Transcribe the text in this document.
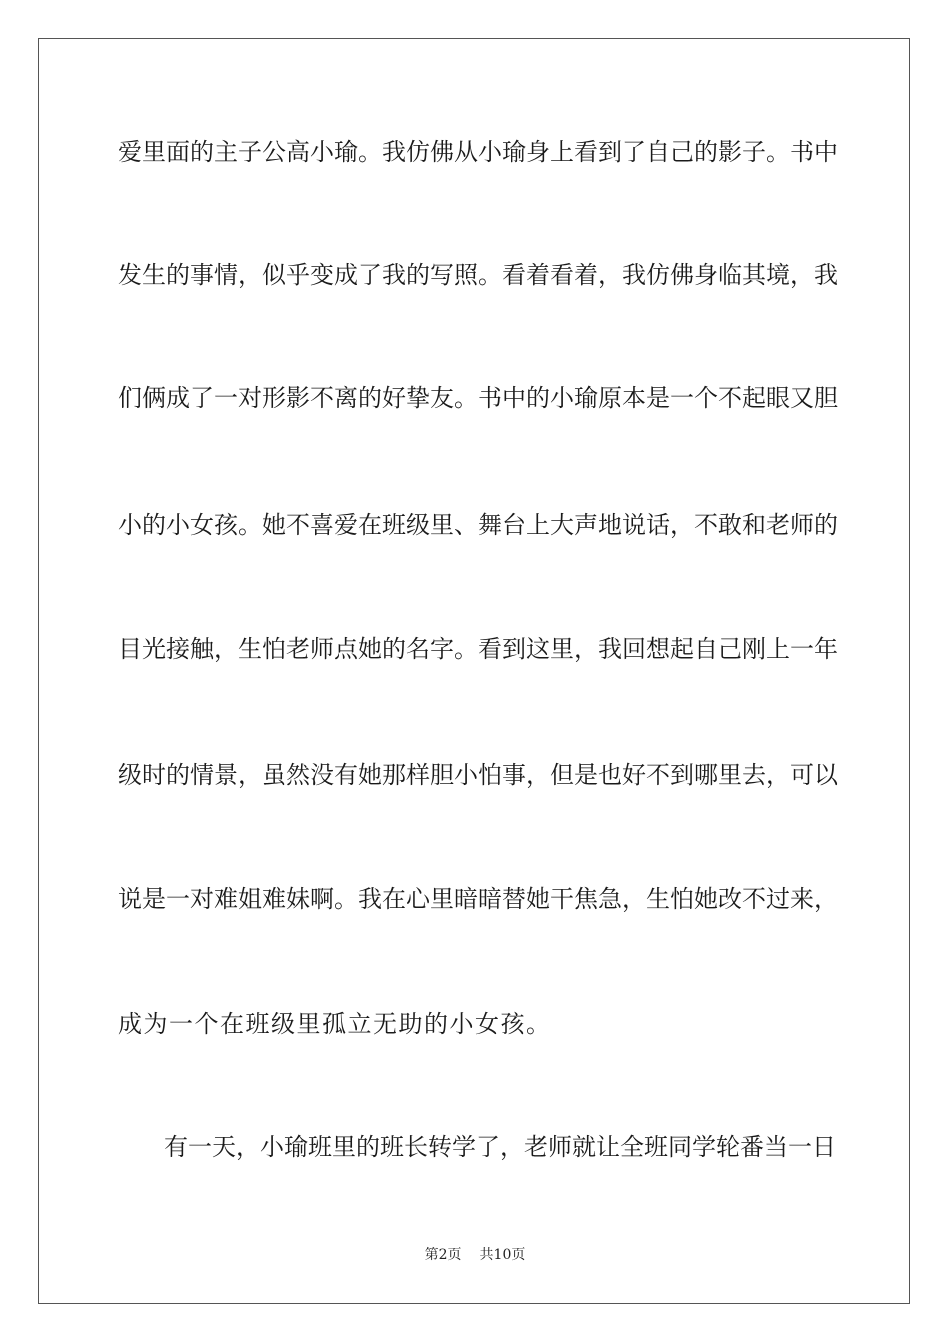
爱里面的主子公高小瑜。我仿佛从小瑜身上看到了自己的影子。书中
发生的事情，似乎变成了我的写照。看着看着，我仿佛身临其境，我
们俩成了一对形影不离的好挚友。书中的小瑜原本是一个不起眼又胆
小的小女孩。她不喜爱在班级里、舞台上大声地说话，不敢和老师的
目光接触，生怕老师点她的名字。看到这里，我回想起自己刚上一年
级时的情景，虽然没有她那样胆小怕事，但是也好不到哪里去，可以
说是一对难姐难妹啊。我在心里暗暗替她干焦急，生怕她改不过来，
成为一个在班级里孤立无助的小女孩。
有一天，小瑜班里的班长转学了，老师就让全班同学轮番当一日
第2页 共10页
